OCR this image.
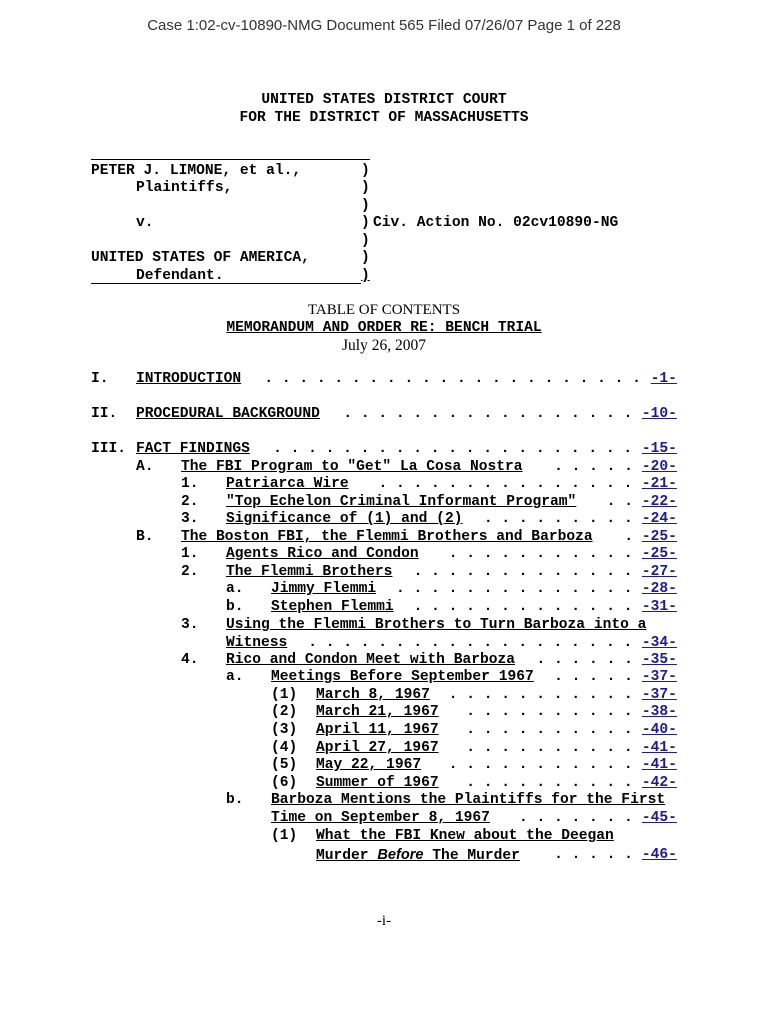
Case 1:02-cv-10890-NMG Document 565 Filed 07/26/07 Page 1 of 228
UNITED STATES DISTRICT COURT
FOR THE DISTRICT OF MASSACHUSETTS

PETER J. LIMONE, et al.,

	)

Plaintiffs,

	)

)

v.

	)

Civ. Action No. 02cv10890-NG

)

UNITED STATES OF AMERICA,

	)

Defendant.

	)

TABLE OF CONTENTS
MEMORANDUM AND ORDER RE: BENCH TRIAL
July 26, 2007
I. INTRODUCTION . . . . . . . . . . . . . . . . . . . . . . -1-
II. PROCEDURAL BACKGROUND . . . . . . . . . . . . . . . . . -10-
III. FACT FINDINGS . . . . . . . . . . . . . . . . . . . . . -15-
A. The FBI Program to "Get" La Cosa Nostra . . . . . -20-
1. Patriarca Wire . . . . . . . . . . . . . . . -21-
2. "Top Echelon Criminal Informant Program" . . -22-
3. Significance of (1) and (2) . . . . . . . . . -24-
B. The Boston FBI, the Flemmi Brothers and Barboza . -25-
1. Agents Rico and Condon . . . . . . . . . . . -25-
2. The Flemmi Brothers . . . . . . . . . . . . . -27-
a. Jimmy Flemmi . . . . . . . . . . . . . . -28-
b. Stephen Flemmi . . . . . . . . . . . . . -31-
3. Using the Flemmi Brothers to Turn Barboza into a
Witness . . . . . . . . . . . . . . . . . . . -34-
4. Rico and Condon Meet with Barboza . . . . . . -35-
a. Meetings Before September 1967 . . . . . -37-
(1) March 8, 1967 . . . . . . . . . . . -37-
(2) March 21, 1967 . . . . . . . . . . -38-
(3) April 11, 1967 . . . . . . . . . . -40-
(4) April 27, 1967 . . . . . . . . . . -41-
(5) May 22, 1967 . . . . . . . . . . . -41-
(6) Summer of 1967 . . . . . . . . . . -42-
b. Barboza Mentions the Plaintiffs for the First
Time on September 8, 1967 . . . . . . . -45-
(1) What the FBI Knew about the Deegan
Murder Before The Murder . . . . . -46-
-i-
